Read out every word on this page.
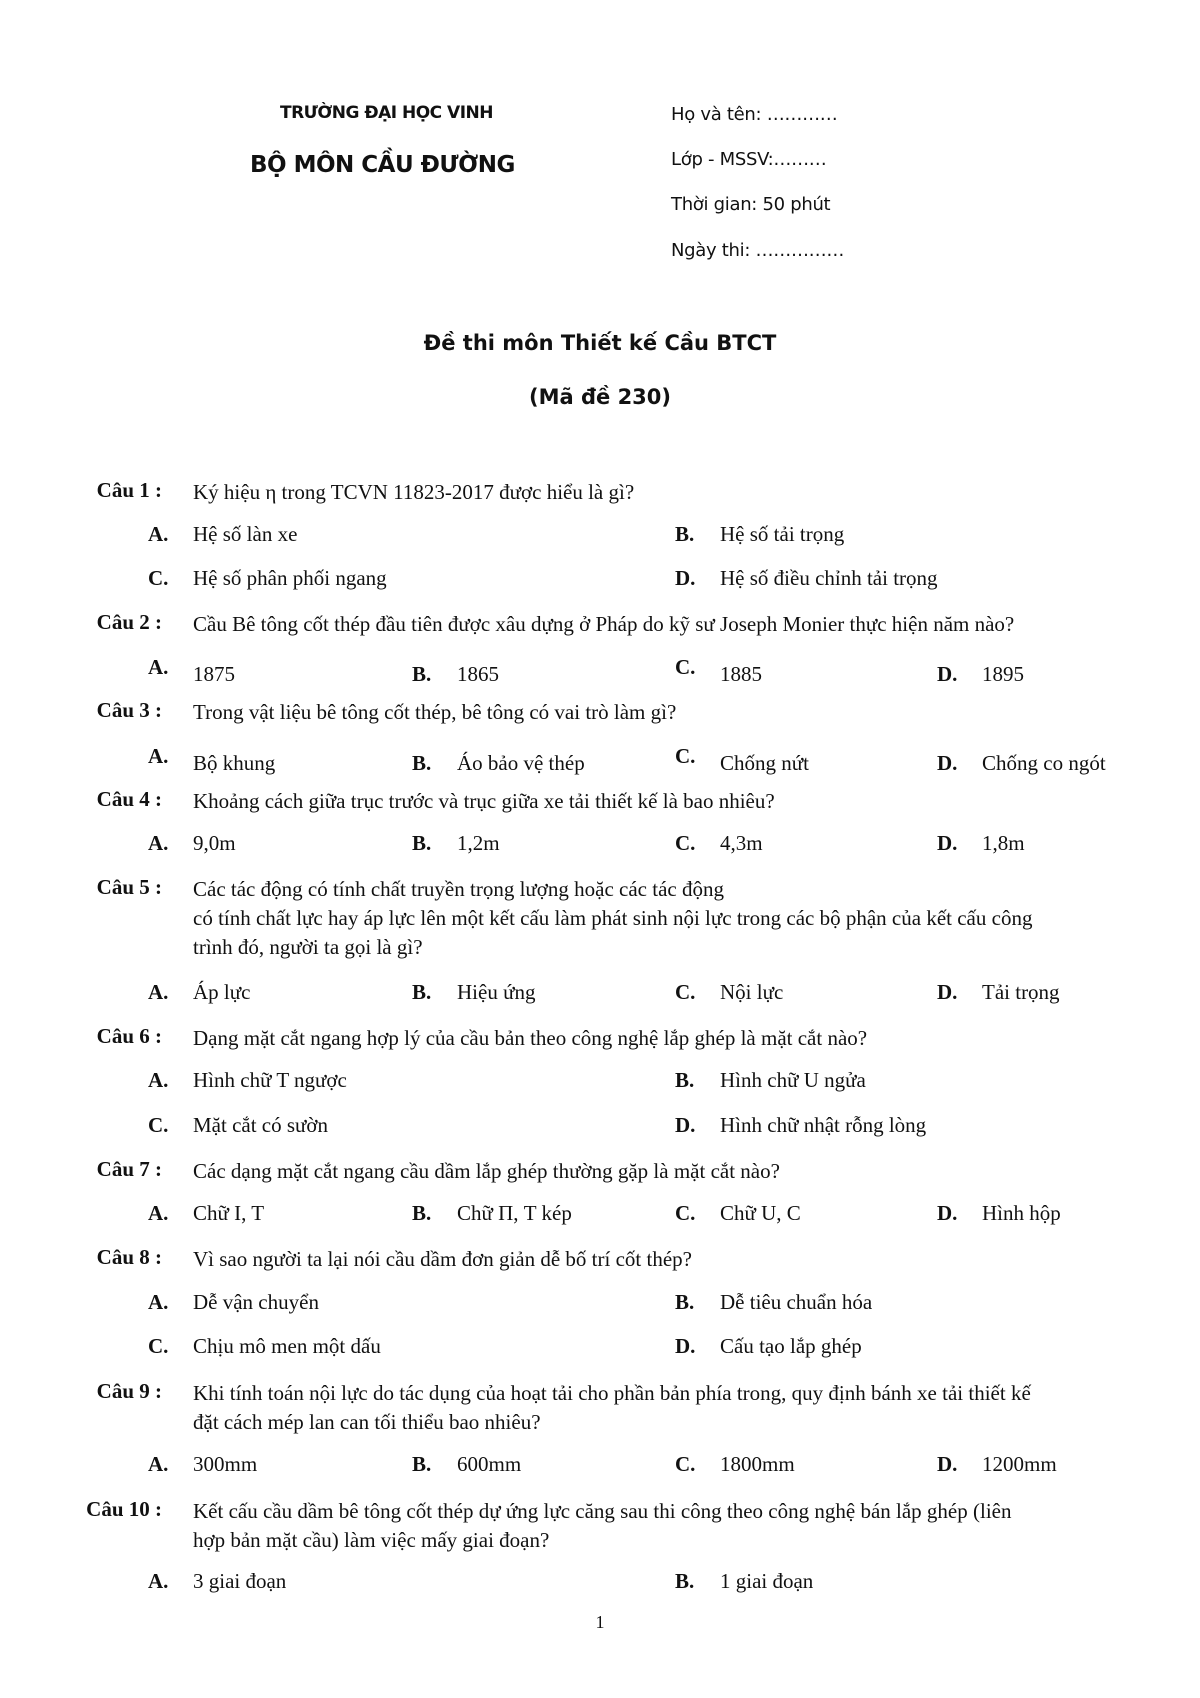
TRƯỜNG ĐẠI HỌC VINH
BỘ MÔN CẦU ĐƯỜNG
Họ và tên: …………
Lớp - MSSV:………
Thời gian: 50 phút
Ngày thi: ……………
Đề thi môn Thiết kế Cầu BTCT
(Mã đề 230)
Câu 1 : Ký hiệu η trong TCVN 11823-2017 được hiểu là gì?
A. Hệ số làn xe	B. Hệ số tải trọng
C. Hệ số phân phối ngang	D. Hệ số điều chỉnh tải trọng
Câu 2 : Cầu Bê tông cốt thép đầu tiên được xâu dựng ở Pháp do kỹ sư Joseph Monier thực hiện năm nào?
A. 1875	B. 1865	C. 1885	D. 1895
Câu 3 : Trong vật liệu bê tông cốt thép, bê tông có vai trò làm gì?
A. Bộ khung	B. Áo bảo vệ thép	C. Chống nứt	D. Chống co ngót
Câu 4 : Khoảng cách giữa trục trước và trục giữa xe tải thiết kế là bao nhiêu?
A. 9,0m	B. 1,2m	C. 4,3m	D. 1,8m
Câu 5 : Các tác động có tính chất truyền trọng lượng hoặc các tác động
có tính chất lực hay áp lực lên một kết cấu làm phát sinh nội lực trong các bộ phận của kết cấu công
trình đó, người ta gọi là gì?
A. Áp lực	B. Hiệu ứng	C. Nội lực	D. Tải trọng
Câu 6 : Dạng mặt cắt ngang hợp lý của cầu bản theo công nghệ lắp ghép là mặt cắt nào?
A. Hình chữ T ngược	B. Hình chữ U ngửa
C. Mặt cắt có sườn	D. Hình chữ nhật rỗng lòng
Câu 7 : Các dạng mặt cắt ngang cầu dầm lắp ghép thường gặp là mặt cắt nào?
A. Chữ I, T	B. Chữ Π, T kép	C. Chữ U, C	D. Hình hộp
Câu 8 : Vì sao người ta lại nói cầu dầm đơn giản dễ bố trí cốt thép?
A. Dễ vận chuyển	B. Dễ tiêu chuẩn hóa
C. Chịu mô men một dấu	D. Cấu tạo lắp ghép
Câu 9 : Khi tính toán nội lực do tác dụng của hoạt tải cho phần bản phía trong, quy định bánh xe tải thiết kế
đặt cách mép lan can tối thiểu bao nhiêu?
A. 300mm	B. 600mm	C. 1800mm	D. 1200mm
Câu 10 : Kết cấu cầu dầm bê tông cốt thép dự ứng lực căng sau thi công theo công nghệ bán lắp ghép (liên
hợp bản mặt cầu) làm việc mấy giai đoạn?
A. 3 giai đoạn	B. 1 giai đoạn
1
